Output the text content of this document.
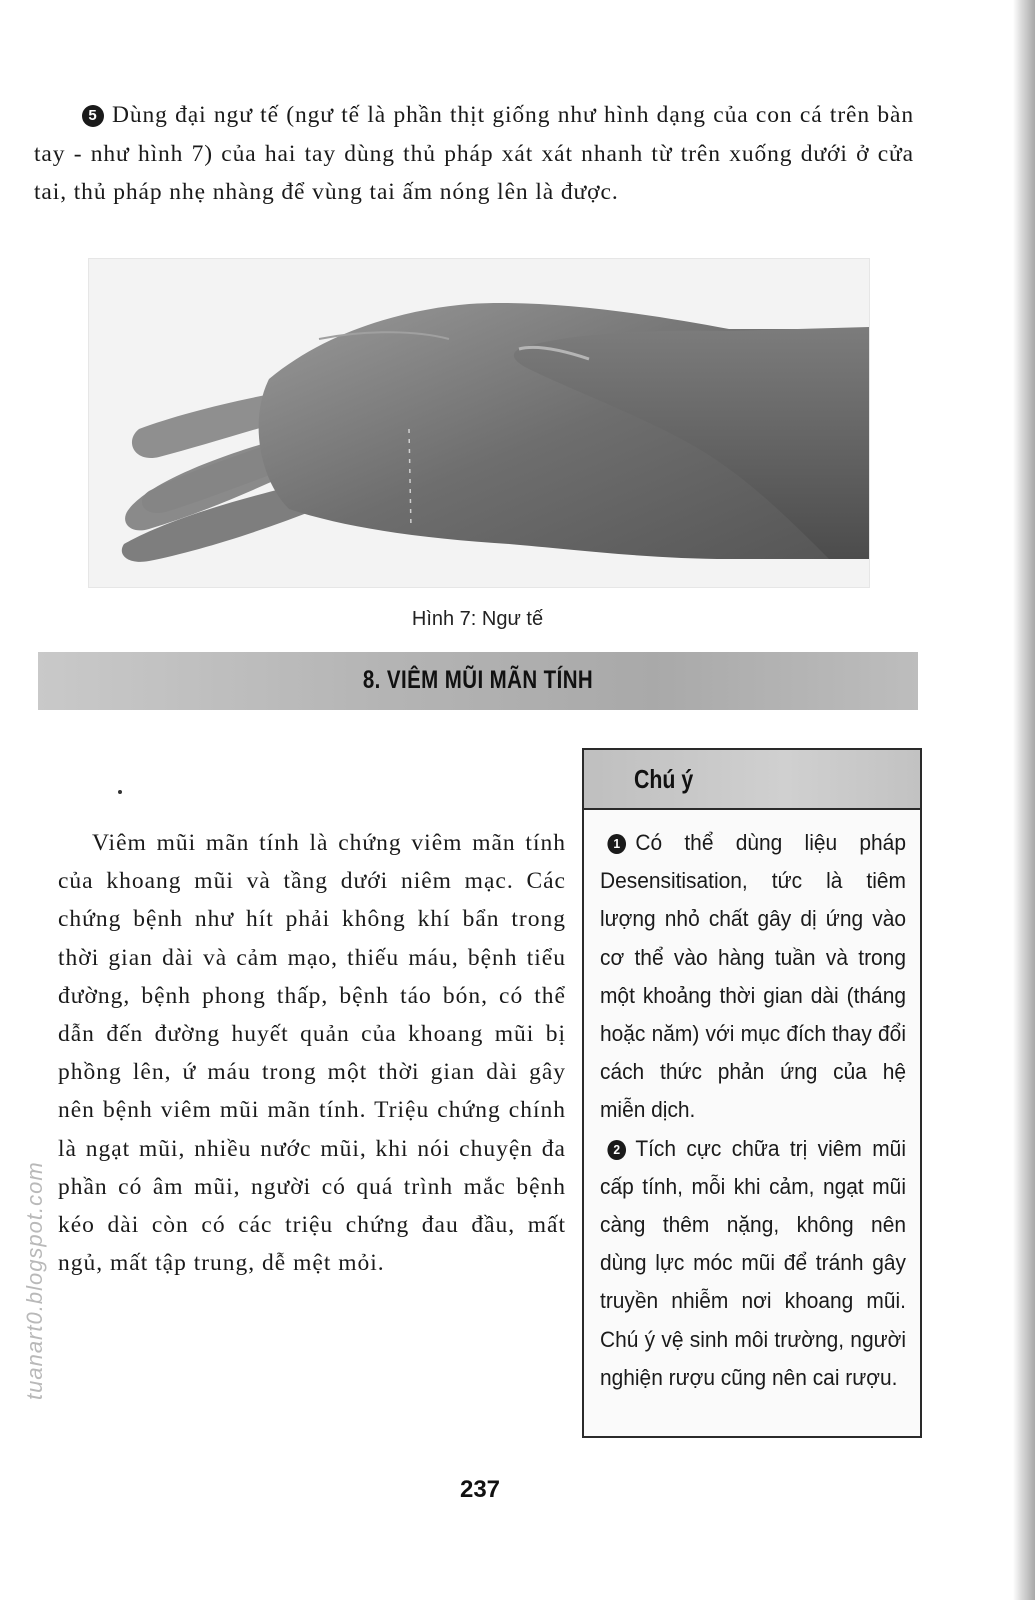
5 Dùng đại ngư tế (ngư tế là phần thịt giống như hình dạng của con cá trên bàn tay - như hình 7) của hai tay dùng thủ pháp xát xát nhanh từ trên xuống dưới ở cửa tai, thủ pháp nhẹ nhàng để vùng tai ấm nóng lên là được.

Hình 7: Ngư tế
8. VIÊM MŨI MÃN TÍNH

Viêm mũi mãn tính là chứng viêm mãn tính của khoang mũi và tầng dưới niêm mạc. Các chứng bệnh như hít phải không khí bẩn trong thời gian dài và cảm mạo, thiếu máu, bệnh tiểu đường, bệnh phong thấp, bệnh táo bón, có thể dẫn đến đường huyết quản của khoang mũi bị phồng lên, ứ máu trong một thời gian dài gây nên bệnh viêm mũi mãn tính. Triệu chứng chính là ngạt mũi, nhiều nước mũi, khi nói chuyện đa phần có âm mũi, người có quá trình mắc bệnh kéo dài còn có các triệu chứng đau đầu, mất ngủ, mất tập trung, dễ mệt mỏi.

Chú ý
1 Có thể dùng liệu pháp Desensitisation, tức là tiêm lượng nhỏ chất gây dị ứng vào cơ thể vào hàng tuần và trong một khoảng thời gian dài (tháng hoặc năm) với mục đích thay đổi cách thức phản ứng của hệ miễn dịch.
2 Tích cực chữa trị viêm mũi cấp tính, mỗi khi cảm, ngạt mũi càng thêm nặng, không nên dùng lực móc mũi để tránh gây truyền nhiễm nơi khoang mũi. Chú ý vệ sinh môi trường, người nghiện rượu cũng nên cai rượu.
237
tuanart0.blogspot.com
